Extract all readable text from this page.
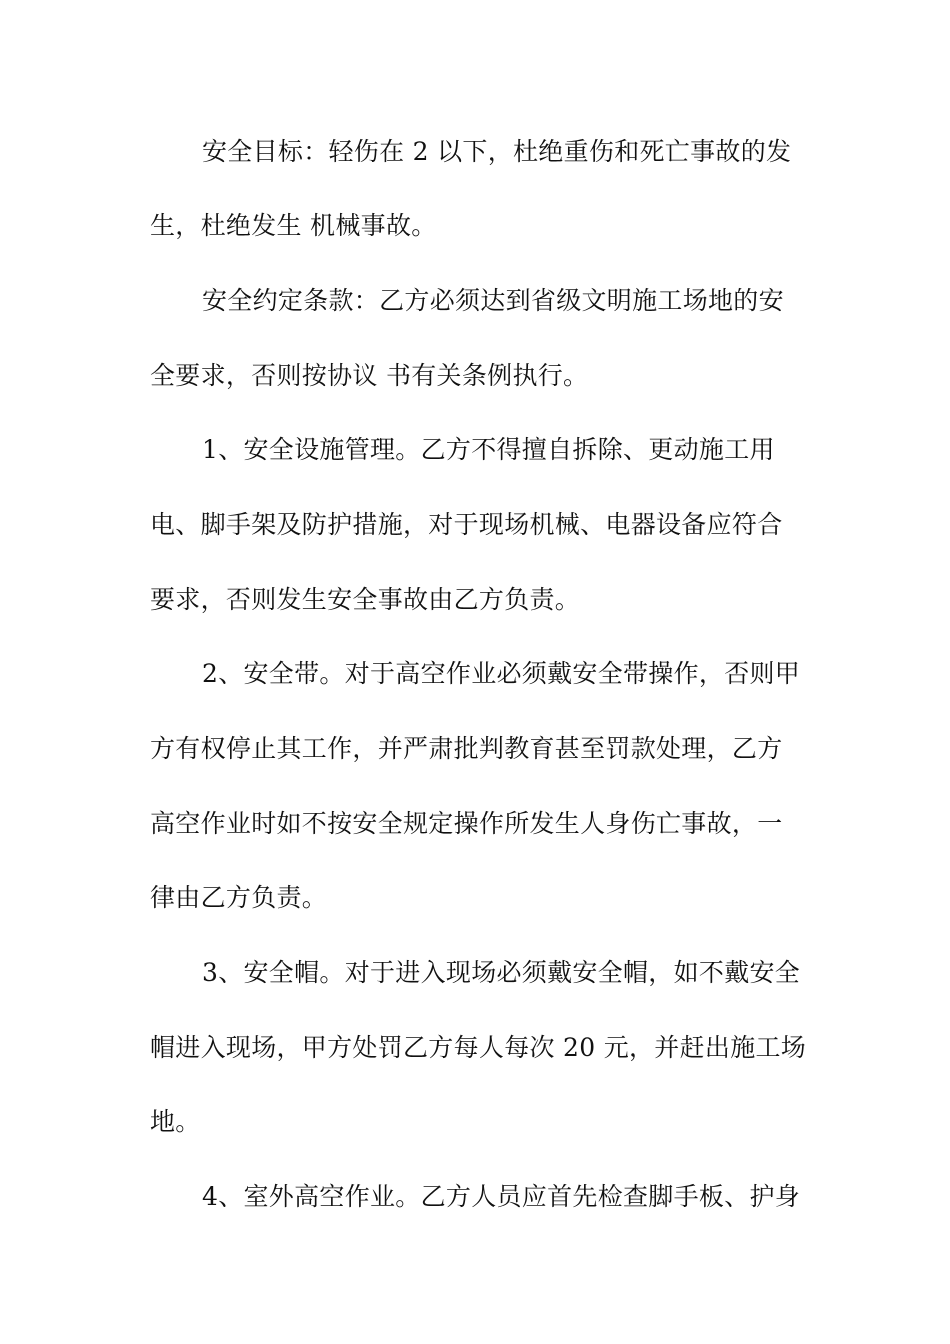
安全目标：轻伤在 2 以下，杜绝重伤和死亡事故的发
生，杜绝发生 机械事故。
安全约定条款：乙方必须达到省级文明施工场地的安
全要求，否则按协议 书有关条例执行。
1、安全设施管理。乙方不得擅自拆除、更动施工用
电、脚手架及防护措施，对于现场机械、电器设备应符合
要求，否则发生安全事故由乙方负责。
2、安全带。对于高空作业必须戴安全带操作，否则甲
方有权停止其工作，并严肃批判教育甚至罚款处理，乙方
高空作业时如不按安全规定操作所发生人身伤亡事故，一
律由乙方负责。
3、安全帽。对于进入现场必须戴安全帽，如不戴安全
帽进入现场，甲方处罚乙方每人每次 20 元，并赶出施工场
地。
4、室外高空作业。乙方人员应首先检查脚手板、护身
